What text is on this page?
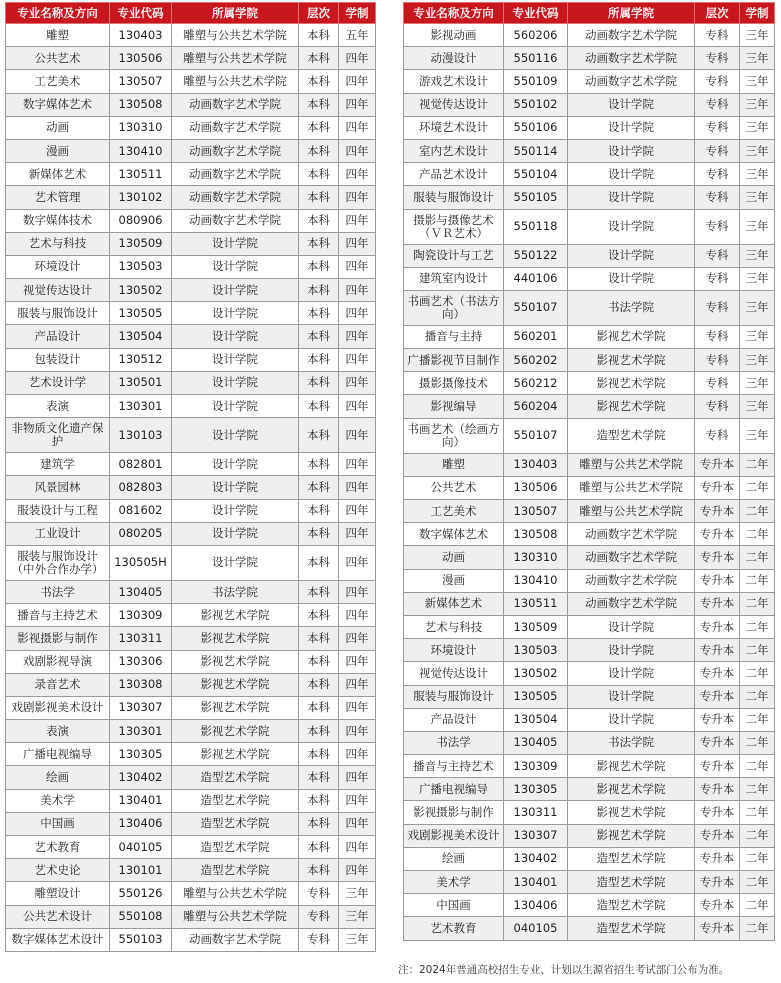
专业名称及方向	专业代码	所属学院	层次	学制
雕塑	130403	雕塑与公共艺术学院	本科	五年
公共艺术	130506	雕塑与公共艺术学院	本科	四年
工艺美术	130507	雕塑与公共艺术学院	本科	四年
数字媒体艺术	130508	动画数字艺术学院	本科	四年
动画	130310	动画数字艺术学院	本科	四年
漫画	130410	动画数字艺术学院	本科	四年
新媒体艺术	130511	动画数字艺术学院	本科	四年
艺术管理	130102	动画数字艺术学院	本科	四年
数字媒体技术	080906	动画数字艺术学院	本科	四年
艺术与科技	130509	设计学院	本科	四年
环境设计	130503	设计学院	本科	四年
视觉传达设计	130502	设计学院	本科	四年
服装与服饰设计	130505	设计学院	本科	四年
产品设计	130504	设计学院	本科	四年
包装设计	130512	设计学院	本科	四年
艺术设计学	130501	设计学院	本科	四年
表演	130301	设计学院	本科	四年
非物质文化遗产保护	130103	设计学院	本科	四年
建筑学	082801	设计学院	本科	四年
风景园林	082803	设计学院	本科	四年
服装设计与工程	081602	设计学院	本科	四年
工业设计	080205	设计学院	本科	四年
服装与服饰设计（中外合作办学）	130505H	设计学院	本科	四年
书法学	130405	书法学院	本科	四年
播音与主持艺术	130309	影视艺术学院	本科	四年
影视摄影与制作	130311	影视艺术学院	本科	四年
戏剧影视导演	130306	影视艺术学院	本科	四年
录音艺术	130308	影视艺术学院	本科	四年
戏剧影视美术设计	130307	影视艺术学院	本科	四年
表演	130301	影视艺术学院	本科	四年
广播电视编导	130305	影视艺术学院	本科	四年
绘画	130402	造型艺术学院	本科	四年
美术学	130401	造型艺术学院	本科	四年
中国画	130406	造型艺术学院	本科	四年
艺术教育	040105	造型艺术学院	本科	四年
艺术史论	130101	造型艺术学院	本科	四年
雕塑设计	550126	雕塑与公共艺术学院	专科	三年
公共艺术设计	550108	雕塑与公共艺术学院	专科	三年
数字媒体艺术设计	550103	动画数字艺术学院	专科	三年
专业名称及方向	专业代码	所属学院	层次	学制
影视动画	560206	动画数字艺术学院	专科	三年
动漫设计	550116	动画数字艺术学院	专科	三年
游戏艺术设计	550109	动画数字艺术学院	专科	三年
视觉传达设计	550102	设计学院	专科	三年
环境艺术设计	550106	设计学院	专科	三年
室内艺术设计	550114	设计学院	专科	三年
产品艺术设计	550104	设计学院	专科	三年
服装与服饰设计	550105	设计学院	专科	三年
摄影与摄像艺术（ＶＲ艺术）	550118	设计学院	专科	三年
陶瓷设计与工艺	550122	设计学院	专科	三年
建筑室内设计	440106	设计学院	专科	三年
书画艺术（书法方向）	550107	书法学院	专科	三年
播音与主持	560201	影视艺术学院	专科	三年
广播影视节目制作	560202	影视艺术学院	专科	三年
摄影摄像技术	560212	影视艺术学院	专科	三年
影视编导	560204	影视艺术学院	专科	三年
书画艺术（绘画方向）	550107	造型艺术学院	专科	三年
雕塑	130403	雕塑与公共艺术学院	专升本	二年
公共艺术	130506	雕塑与公共艺术学院	专升本	二年
工艺美术	130507	雕塑与公共艺术学院	专升本	二年
数字媒体艺术	130508	动画数字艺术学院	专升本	二年
动画	130310	动画数字艺术学院	专升本	二年
漫画	130410	动画数字艺术学院	专升本	二年
新媒体艺术	130511	动画数字艺术学院	专升本	二年
艺术与科技	130509	设计学院	专升本	二年
环境设计	130503	设计学院	专升本	二年
视觉传达设计	130502	设计学院	专升本	二年
服装与服饰设计	130505	设计学院	专升本	二年
产品设计	130504	设计学院	专升本	二年
书法学	130405	书法学院	专升本	二年
播音与主持艺术	130309	影视艺术学院	专升本	二年
广播电视编导	130305	影视艺术学院	专升本	二年
影视摄影与制作	130311	影视艺术学院	专升本	二年
戏剧影视美术设计	130307	影视艺术学院	专升本	二年
绘画	130402	造型艺术学院	专升本	二年
美术学	130401	造型艺术学院	专升本	二年
中国画	130406	造型艺术学院	专升本	二年
艺术教育	040105	造型艺术学院	专升本	二年
注：2024年普通高校招生专业、计划以生源省招生考试部门公布为准。
